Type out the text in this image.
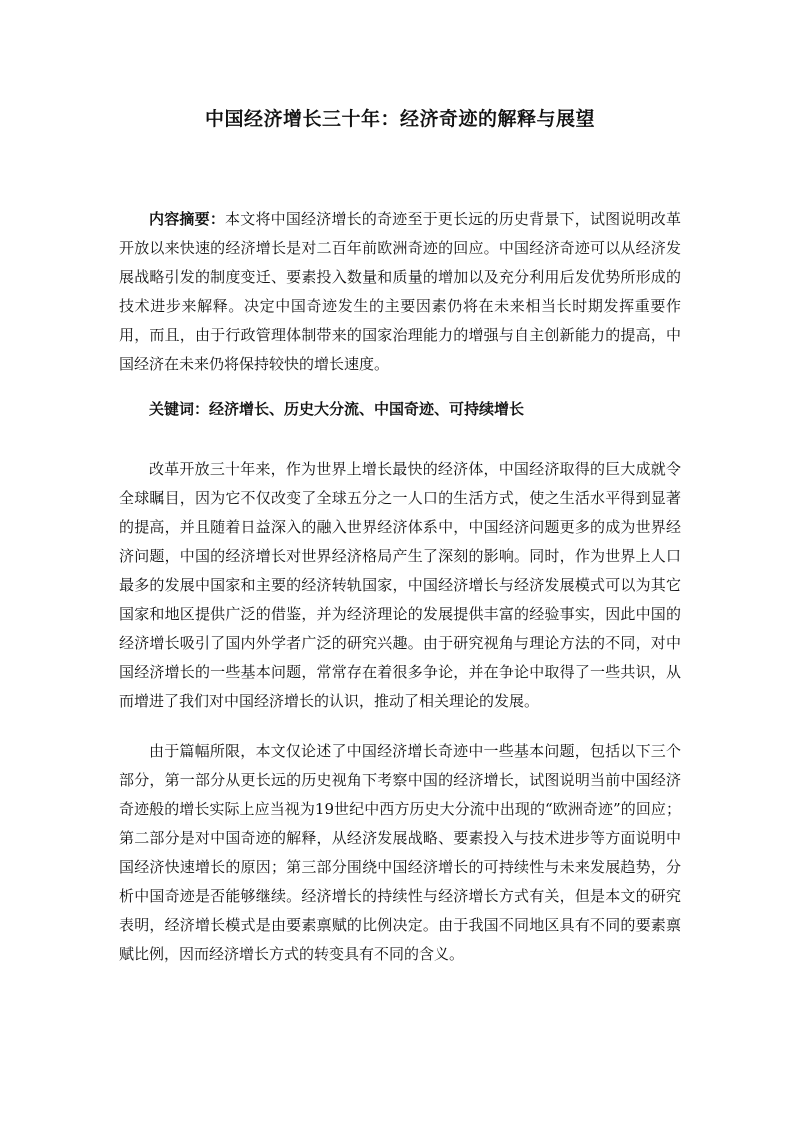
中国经济增长三十年：经济奇迹的解释与展望

内容摘要：本文将中国经济增长的奇迹至于更长远的历史背景下，试图说明改革开放以来快速的经济增长是对二百年前欧洲奇迹的回应。中国经济奇迹可以从经济发展战略引发的制度变迁、要素投入数量和质量的增加以及充分利用后发优势所形成的技术进步来解释。决定中国奇迹发生的主要因素仍将在未来相当长时期发挥重要作用，而且，由于行政管理体制带来的国家治理能力的增强与自主创新能力的提高，中国经济在未来仍将保持较快的增长速度。

关键词：经济增长、历史大分流、中国奇迹、可持续增长

改革开放三十年来，作为世界上增长最快的经济体，中国经济取得的巨大成就令全球瞩目，因为它不仅改变了全球五分之一人口的生活方式，使之生活水平得到显著的提高，并且随着日益深入的融入世界经济体系中，中国经济问题更多的成为世界经济问题，中国的经济增长对世界经济格局产生了深刻的影响。同时，作为世界上人口最多的发展中国家和主要的经济转轨国家，中国经济增长与经济发展模式可以为其它国家和地区提供广泛的借鉴，并为经济理论的发展提供丰富的经验事实，因此中国的经济增长吸引了国内外学者广泛的研究兴趣。由于研究视角与理论方法的不同，对中国经济增长的一些基本问题，常常存在着很多争论，并在争论中取得了一些共识，从而增进了我们对中国经济增长的认识，推动了相关理论的发展。

由于篇幅所限，本文仅论述了中国经济增长奇迹中一些基本问题，包括以下三个部分，第一部分从更长远的历史视角下考察中国的经济增长，试图说明当前中国经济奇迹般的增长实际上应当视为19世纪中西方历史大分流中出现的“欧洲奇迹”的回应；第二部分是对中国奇迹的解释，从经济发展战略、要素投入与技术进步等方面说明中国经济快速增长的原因；第三部分围绕中国经济增长的可持续性与未来发展趋势，分析中国奇迹是否能够继续。经济增长的持续性与经济增长方式有关，但是本文的研究表明，经济增长模式是由要素禀赋的比例决定。由于我国不同地区具有不同的要素禀赋比例，因而经济增长方式的转变具有不同的含义。
